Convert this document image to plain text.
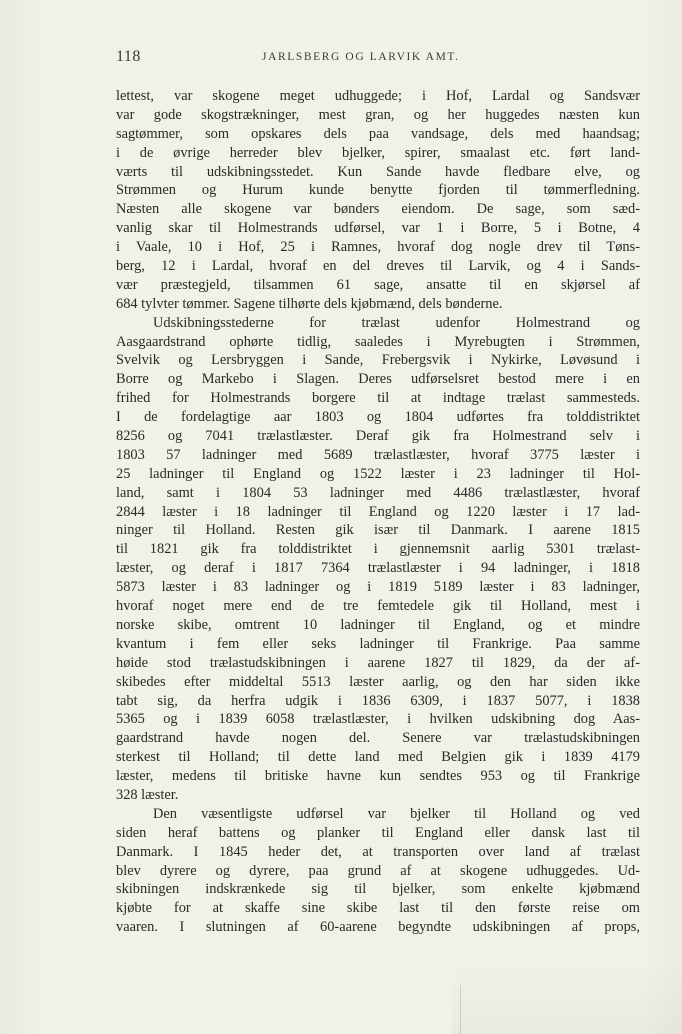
118	JARLSBERG OG LARVIK AMT.
lettest, var skogene meget udhuggede; i Hof, Lardal og Sandsvær
var gode skogstrækninger, mest gran, og her huggedes næsten kun
sagtømmer, som opskares dels paa vandsage, dels med haandsag;
i de øvrige herreder blev bjelker, spirer, smaalast etc. ført land-
værts til udskibningsstedet. Kun Sande havde fledbare elve, og
Strømmen og Hurum kunde benytte fjorden til tømmerfledning.
Næsten alle skogene var bønders eiendom. De sage, som sæd-
vanlig skar til Holmestrands udførsel, var 1 i Borre, 5 i Botne, 4
i Vaale, 10 i Hof, 25 i Ramnes, hvoraf dog nogle drev til Tøns-
berg, 12 i Lardal, hvoraf en del dreves til Larvik, og 4 i Sands-
vær præstegjeld, tilsammen 61 sage, ansatte til en skjørsel af
684 tylvter tømmer. Sagene tilhørte dels kjøbmænd, dels bønderne.
Udskibningsstederne for trælast udenfor Holmestrand og
Aasgaardstrand ophørte tidlig, saaledes i Myrebugten i Strømmen,
Svelvik og Lersbryggen i Sande, Frebergsvik i Nykirke, Løvøsund i
Borre og Markebo i Slagen. Deres udførselsret bestod mere i en
frihed for Holmestrands borgere til at indtage trælast sammesteds.
I de fordelagtige aar 1803 og 1804 udførtes fra tolddistriktet
8256 og 7041 trælastlæster. Deraf gik fra Holmestrand selv i
1803 57 ladninger med 5689 trælastlæster, hvoraf 3775 læster i
25 ladninger til England og 1522 læster i 23 ladninger til Hol-
land, samt i 1804 53 ladninger med 4486 trælastlæster, hvoraf
2844 læster i 18 ladninger til England og 1220 læster i 17 lad-
ninger til Holland. Resten gik især til Danmark. I aarene 1815
til 1821 gik fra tolddistriktet i gjennemsnit aarlig 5301 trælast-
læster, og deraf i 1817 7364 trælastlæster i 94 ladninger, i 1818
5873 læster i 83 ladninger og i 1819 5189 læster i 83 ladninger,
hvoraf noget mere end de tre femtedele gik til Holland, mest i
norske skibe, omtrent 10 ladninger til England, og et mindre
kvantum i fem eller seks ladninger til Frankrige. Paa samme
høide stod trælastudskibningen i aarene 1827 til 1829, da der af-
skibedes efter middeltal 5513 læster aarlig, og den har siden ikke
tabt sig, da herfra udgik i 1836 6309, i 1837 5077, i 1838
5365 og i 1839 6058 trælastlæster, i hvilken udskibning dog Aas-
gaardstrand havde nogen del. Senere var trælastudskibningen
sterkest til Holland; til dette land med Belgien gik i 1839 4179
læster, medens til britiske havne kun sendtes 953 og til Frankrige
328 læster.
Den væsentligste udførsel var bjelker til Holland og ved
siden heraf battens og planker til England eller dansk last til
Danmark. I 1845 heder det, at transporten over land af trælast
blev dyrere og dyrere, paa grund af at skogene udhuggedes. Ud-
skibningen indskrænkede sig til bjelker, som enkelte kjøbmænd
kjøbte for at skaffe sine skibe last til den første reise om
vaaren. I slutningen af 60-aarene begyndte udskibningen af props,
